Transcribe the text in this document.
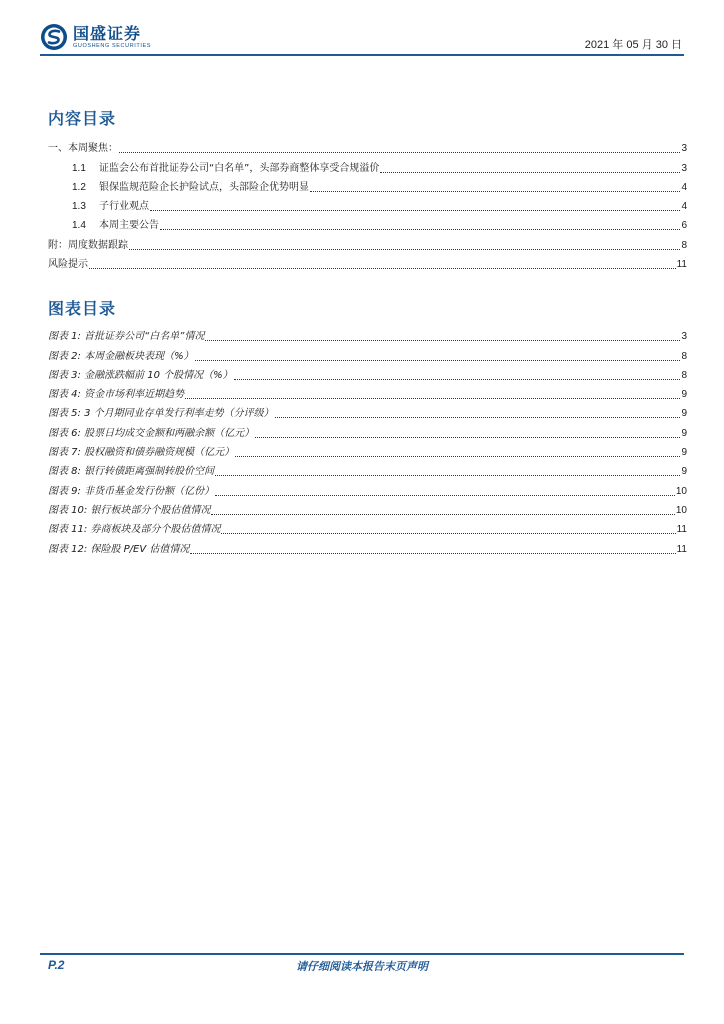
国盛证券
GUOSHENG SECURITIES	2021 年 05 月 30 日
内容目录
一、本周聚焦：	3
1.1	证监会公布首批证券公司“白名单”，头部券商整体享受合规溢价	3
1.2	银保监规范险企长护险试点，头部险企优势明显	4
1.3	子行业观点	4
1.4	本周主要公告	6
附：周度数据跟踪	8
风险提示	11
图表目录
图表 1: 首批证券公司“白名单”情况	3
图表 2: 本周金融板块表现（%）	8
图表 3: 金融涨跌幅前 10 个股情况（%）	8
图表 4: 资金市场利率近期趋势	9
图表 5: 3 个月期同业存单发行利率走势（分评级）	9
图表 6: 股票日均成交金额和两融余额（亿元）	9
图表 7: 股权融资和债券融资规模（亿元）	9
图表 8: 银行转债距离强制转股价空间	9
图表 9: 非货币基金发行份额（亿份）	10
图表 10: 银行板块部分个股估值情况	10
图表 11: 券商板块及部分个股估值情况	11
图表 12: 保险股 P/EV 估值情况	11
P.2	请仔细阅读本报告末页声明
